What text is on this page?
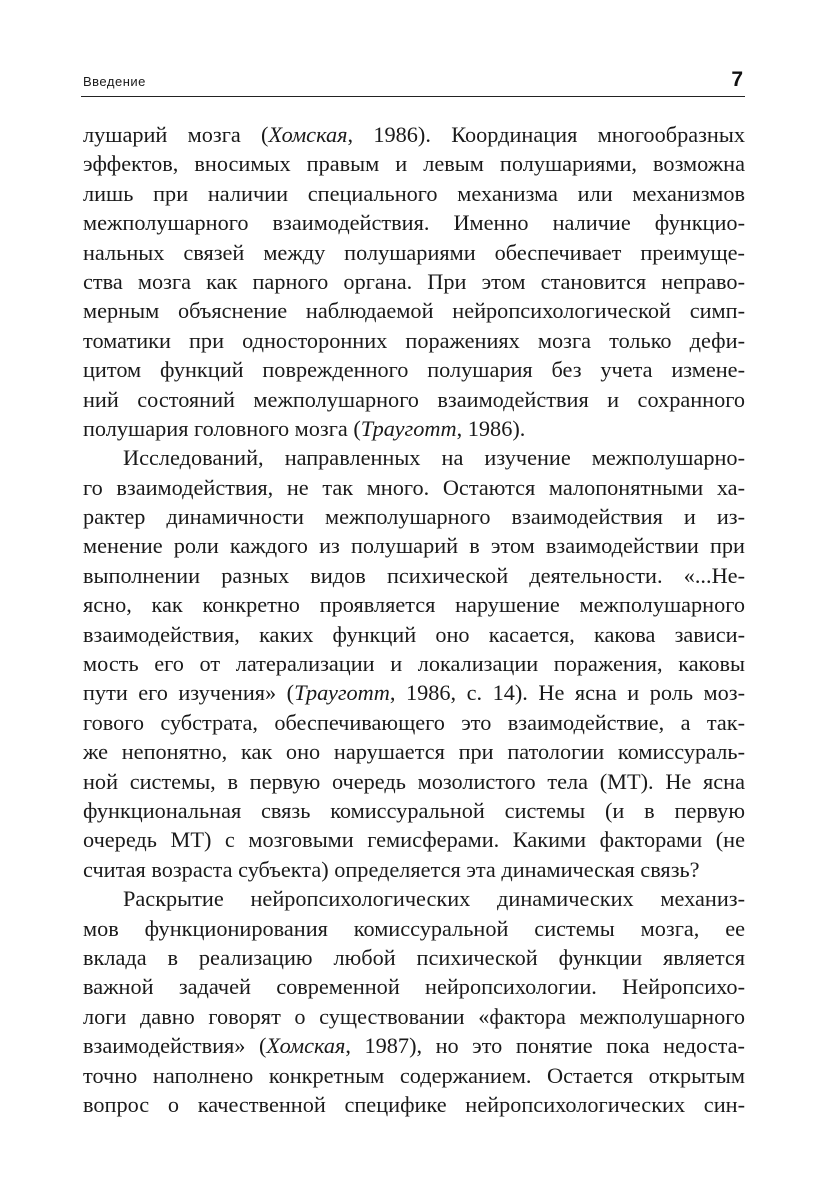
Введение	7
лушарий мозга (Хомская, 1986). Координация многообразных
эффектов, вносимых правым и левым полушариями, возможна
лишь при наличии специального механизма или механизмов
межполушарного взаимодействия. Именно наличие функцио-
нальных связей между полушариями обеспечивает преимуще-
ства мозга как парного органа. При этом становится неправо-
мерным объяснение наблюдаемой нейропсихологической симп-
томатики при односторонних поражениях мозга только дефи-
цитом функций поврежденного полушария без учета измене-
ний состояний межполушарного взаимодействия и сохранного
полушария головного мозга (Трауготт, 1986).
Исследований, направленных на изучение межполушарно-
го взаимодействия, не так много. Остаются малопонятными ха-
рактер динамичности межполушарного взаимодействия и из-
менение роли каждого из полушарий в этом взаимодействии при
выполнении разных видов психической деятельности. «...Не-
ясно, как конкретно проявляется нарушение межполушарного
взаимодействия, каких функций оно касается, какова зависи-
мость его от латерализации и локализации поражения, каковы
пути его изучения» (Трауготт, 1986, с. 14). Не ясна и роль моз-
гового субстрата, обеспечивающего это взаимодействие, а так-
же непонятно, как оно нарушается при патологии комиссураль-
ной системы, в первую очередь мозолистого тела (МТ). Не ясна
функциональная связь комиссуральной системы (и в первую
очередь МТ) с мозговыми гемисферами. Какими факторами (не
считая возраста субъекта) определяется эта динамическая связь?
Раскрытие нейропсихологических динамических механиз-
мов функционирования комиссуральной системы мозга, ее
вклада в реализацию любой психической функции является
важной задачей современной нейропсихологии. Нейропсихо-
логи давно говорят о существовании «фактора межполушарного
взаимодействия» (Хомская, 1987), но это понятие пока недоста-
точно наполнено конкретным содержанием. Остается открытым
вопрос о качественной специфике нейропсихологических син-
